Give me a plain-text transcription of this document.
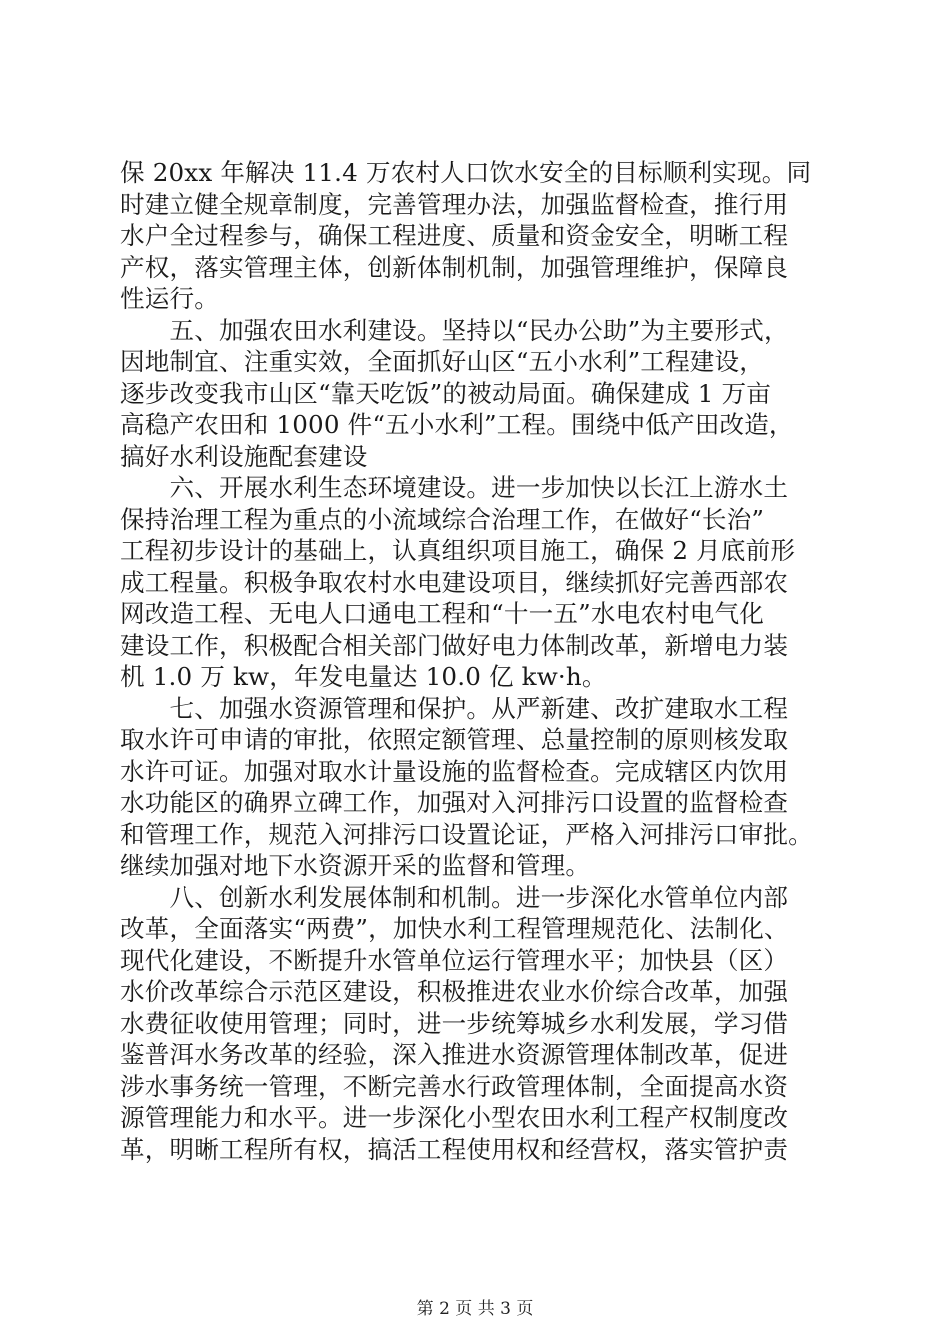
保 20xx 年解决 11.4 万农村人口饮水安全的目标顺利实现。同
时建立健全规章制度，完善管理办法，加强监督检查，推行用
水户全过程参与，确保工程进度、质量和资金安全，明晰工程
产权，落实管理主体，创新体制机制，加强管理维护，保障良
性运行。
　　五、加强农田水利建设。坚持以“民办公助”为主要形式，
因地制宜、注重实效，全面抓好山区“五小水利”工程建设，
逐步改变我市山区“靠天吃饭”的被动局面。确保建成 1 万亩
高稳产农田和 1000 件“五小水利”工程。围绕中低产田改造，
搞好水利设施配套建设
　　六、开展水利生态环境建设。进一步加快以长江上游水土
保持治理工程为重点的小流域综合治理工作，在做好“长治”
工程初步设计的基础上，认真组织项目施工，确保 2 月底前形
成工程量。积极争取农村水电建设项目，继续抓好完善西部农
网改造工程、无电人口通电工程和“十一五”水电农村电气化
建设工作，积极配合相关部门做好电力体制改革，新增电力装
机 1.0 万 kw，年发电量达 10.0 亿 kw·h。
　　七、加强水资源管理和保护。从严新建、改扩建取水工程
取水许可申请的审批，依照定额管理、总量控制的原则核发取
水许可证。加强对取水计量设施的监督检查。完成辖区内饮用
水功能区的确界立碑工作，加强对入河排污口设置的监督检查
和管理工作，规范入河排污口设置论证，严格入河排污口审批。
继续加强对地下水资源开采的监督和管理。
　　八、创新水利发展体制和机制。进一步深化水管单位内部
改革，全面落实“两费”，加快水利工程管理规范化、法制化、
现代化建设，不断提升水管单位运行管理水平；加快县（区）
水价改革综合示范区建设，积极推进农业水价综合改革，加强
水费征收使用管理；同时，进一步统筹城乡水利发展，学习借
鉴普洱水务改革的经验，深入推进水资源管理体制改革，促进
涉水事务统一管理，不断完善水行政管理体制，全面提高水资
源管理能力和水平。进一步深化小型农田水利工程产权制度改
革，明晰工程所有权，搞活工程使用权和经营权，落实管护责
第 2 页 共 3 页
